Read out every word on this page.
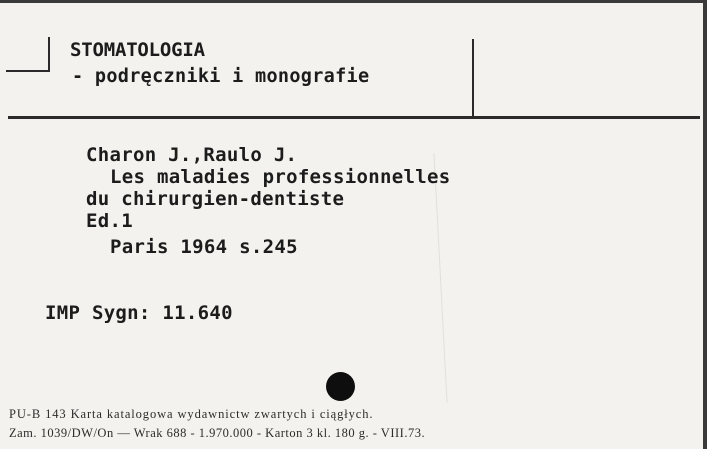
STOMATOLOGIA
- podręczniki i monografie
Charon J.,Raulo J.
Les maladies professionnelles
du chirurgien-dentiste
Ed.1
Paris 1964 s.245
IMP Sygn: 11.640
PU-B 143 Karta katalogowa wydawnictw zwartych i ciągłych.
Zam. 1039/DW/On — Wrak 688 - 1.970.000 - Karton 3 kl. 180 g. - VIII.73.
